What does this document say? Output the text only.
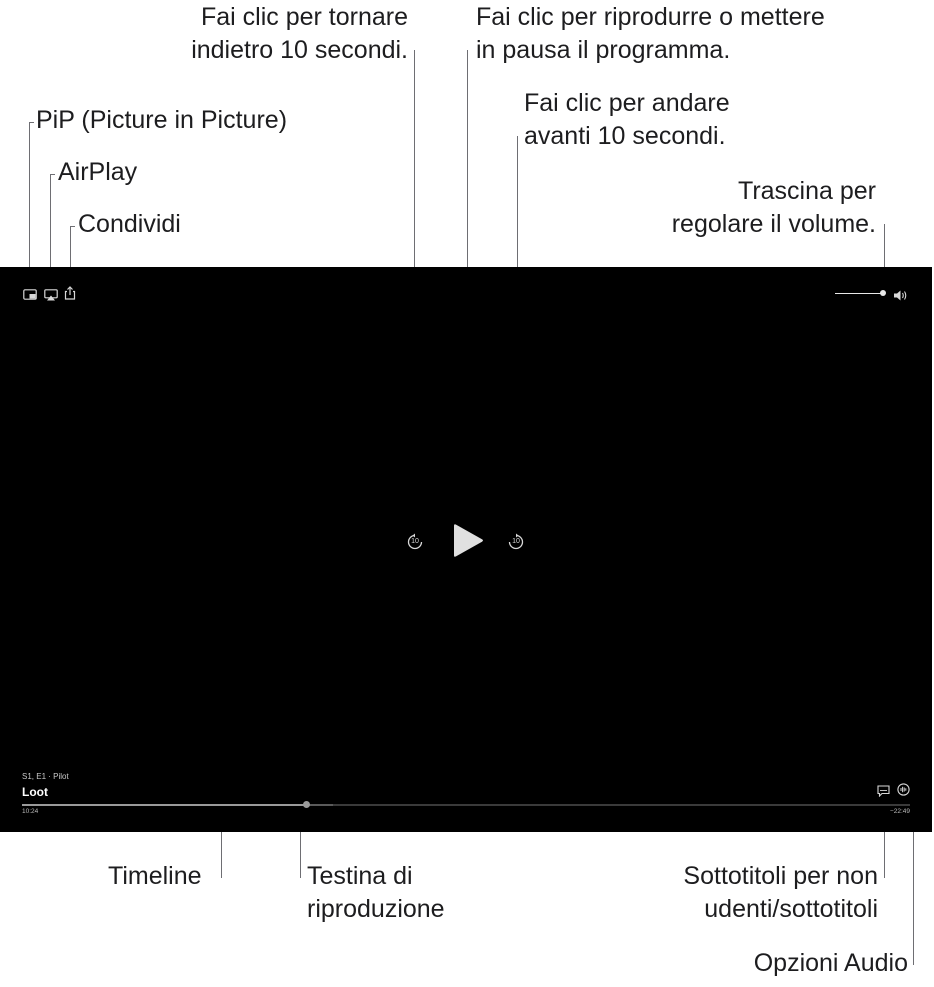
PiP (Picture in Picture)
AirPlay
Condividi
Fai clic per tornare
indietro 10 secondi.
Fai clic per riprodurre o mettere
in pausa il programma.
Fai clic per andare
avanti 10 secondi.
Trascina per
regolare il volume.
Timeline	Testina di
riproduzione
Sottotitoli per non
udenti/sottotitoli
Opzioni Audio
10	10
S1, E1 · Pilot
Loot
10:24	−22:49
